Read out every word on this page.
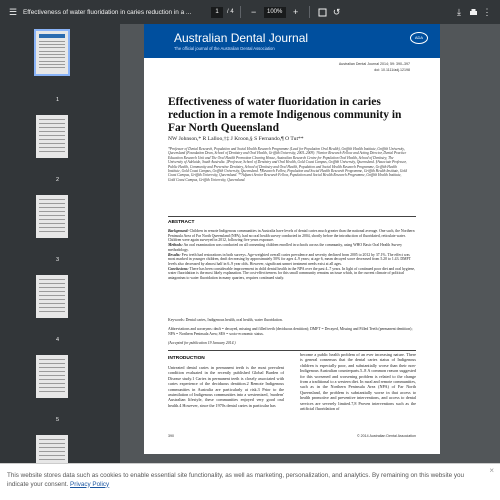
☰ Effectiveness of water fluoridation in caries reduction in a ...	1	/ 4	−	100%	+	↺	⤓	⋮
1
2
3
4
5
Australian Dental Journal
The official journal of the Australian Dental Association
ADA
Australian Dental Journal 2014; 59: 390–397
doi: 10.1111/adj.12198
Effectiveness of water fluoridation in caries reduction in a remote Indigenous community in Far North Queensland
NW Johnson,* R Lalloo,†‡ J Kroon,§ S Fernando,¶ O Tut**
*Professor of Dental Research, Population and Social Health Research Programme (Lead for Population Oral Health), Griffith Health Institute, Griffith University, Queensland (Foundation Dean, School of Dentistry and Oral Health, Griffith University, 2005–2009). †Senior Research Fellow and Acting Director, Dental Practice Education Research Unit and The Oral Health Promotion Clearing House, Australian Research Centre for Population Oral Health, School of Dentistry, The University of Adelaide, South Australia. ‡Professor, School of Dentistry and Oral Health, Gold Coast Campus, Griffith University, Queensland. §Associate Professor, Public Health, Community and Preventive Dentistry, School of Dentistry and Oral Health, Population and Social Health Research Programme, Griffith Health Institute, Gold Coast Campus, Griffith University, Queensland. ¶Research Fellow, Population and Social Health Research Programme, Griffith Health Institute, Gold Coast Campus, Griffith University, Queensland. **Adjunct Senior Research Fellow, Population and Social Health Research Programme, Griffith Health Institute, Gold Coast Campus, Griffith University, Queensland.
ABSTRACT

Background: Children in remote Indigenous communities in Australia have levels of dental caries much greater than the national average. One such, the Northern Peninsula Area of Far North Queensland (NPA), had no oral health survey conducted in 2004, shortly before the introduction of fluoridated, reticulate water. Children were again surveyed in 2012, following five years exposure.

Methods: An oral examination was conducted on all consenting children enrolled in schools across the community, using WHO Basic Oral Health Survey methodology.

Results: Few teeth had restorations in both surveys. Age-weighted overall caries prevalence and severity declined from 2005 to 2012 by 37.1%. The effect was most marked in younger children, dmft decreasing by approximately 50% for ages 4–9 years; at age 6, mean decayed score decreased from 5.20 to 1.43. DMFT levels also decreased by almost half in 6–9 year olds. However, significant unmet treatment needs exist at all ages.

Conclusions: There has been considerable improvement in child dental health in the NPA over the past 4–7 years. In light of continued poor diet and oral hygiene, water fluoridation is the most likely explanation. The cost-effectiveness for this small community remains an issue which, in the current climate of political antagonism to water fluoridation in many quarters, requires continued study.

Keywords: Dental caries, Indigenous health, oral health, water fluoridation.
Abbreviations and acronyms: dmft = decayed, missing and filled teeth (deciduous dentition); DMFT = Decayed, Missing and Filled Teeth (permanent dentition); NPA = Northern Peninsula Area; SES = socio-economic status.
(Accepted for publication 19 January 2014.)
INTRODUCTION
Untreated dental caries in permanent teeth is the most prevalent condition evaluated in the recently published Global Burden of Disease study.1 Caries in permanent teeth is closely associated with caries experience of the deciduous dentition.2 Remote Indigenous communities in Australia are particularly at risk.3 Prior to the assimilation of Indigenous communities into a westernized, 'modern' Australian lifestyle, these communities enjoyed very good oral health.4 However, since the 1970s dental caries in particular has
become a public health problem of an ever increasing nature. There is general consensus that the dental caries status of Indigenous children is especially poor, and substantially worse than their non-Indigenous Australian counterparts.5–8 A common reason suggested for this worsened and worsening problem is related to the change from a traditional to a western diet. In rural and remote communities, such as in the Northern Peninsula Area (NPA) of Far North Queensland, the problem is substantially worse in that access to health promotive and preventive interventions, and access to dental services are severely limited.7,8 Proven interventions such as the artificial fluoridation of
390	© 2014 Australian Dental Association
×
This website stores data such as cookies to enable essential site functionality, as well as marketing, personalization, and analytics. By remaining on this website you indicate your consent. Privacy Policy
